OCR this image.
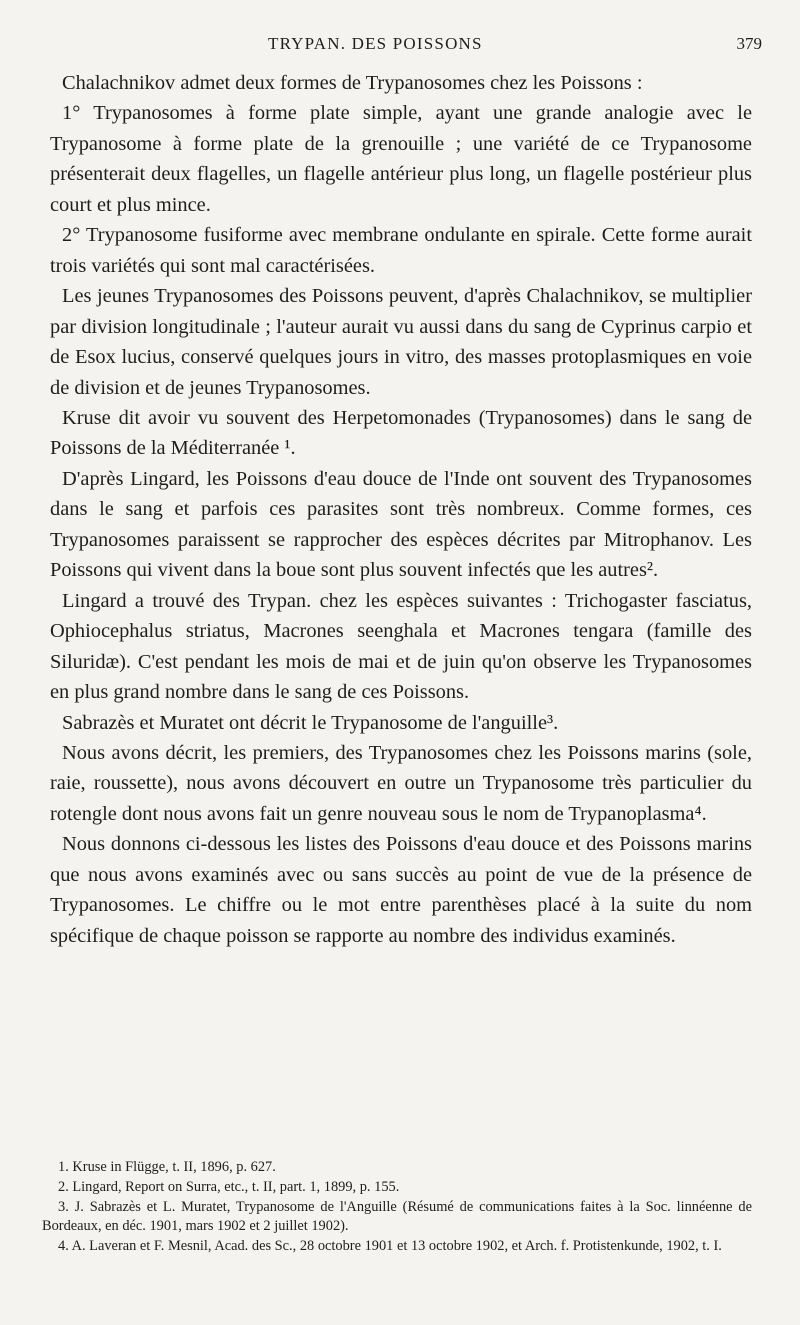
TRYPAN. DES POISSONS	379

Chalachnikov admet deux formes de Trypanosomes chez les Poissons :

1° Trypanosomes à forme plate simple, ayant une grande analogie avec le Trypanosome à forme plate de la grenouille ; une variété de ce Trypanosome présenterait deux flagelles, un flagelle antérieur plus long, un flagelle postérieur plus court et plus mince.

2° Trypanosome fusiforme avec membrane ondulante en spirale. Cette forme aurait trois variétés qui sont mal caractérisées.

Les jeunes Trypanosomes des Poissons peuvent, d'après Chalachnikov, se multiplier par division longitudinale ; l'auteur aurait vu aussi dans du sang de Cyprinus carpio et de Esox lucius, conservé quelques jours in vitro, des masses protoplasmiques en voie de division et de jeunes Trypanosomes.

Kruse dit avoir vu souvent des Herpetomonades (Trypanosomes) dans le sang de Poissons de la Méditerranée ¹.

D'après Lingard, les Poissons d'eau douce de l'Inde ont souvent des Trypanosomes dans le sang et parfois ces parasites sont très nombreux. Comme formes, ces Trypanosomes paraissent se rapprocher des espèces décrites par Mitrophanov. Les Poissons qui vivent dans la boue sont plus souvent infectés que les autres².

Lingard a trouvé des Trypan. chez les espèces suivantes : Trichogaster fasciatus, Ophiocephalus striatus, Macrones seenghala et Macrones tengara (famille des Siluridæ). C'est pendant les mois de mai et de juin qu'on observe les Trypanosomes en plus grand nombre dans le sang de ces Poissons.

Sabrazès et Muratet ont décrit le Trypanosome de l'anguille³.

Nous avons décrit, les premiers, des Trypanosomes chez les Poissons marins (sole, raie, roussette), nous avons découvert en outre un Trypanosome très particulier du rotengle dont nous avons fait un genre nouveau sous le nom de Trypanoplasma⁴.

Nous donnons ci-dessous les listes des Poissons d'eau douce et des Poissons marins que nous avons examinés avec ou sans succès au point de vue de la présence de Trypanosomes. Le chiffre ou le mot entre parenthèses placé à la suite du nom spécifique de chaque poisson se rapporte au nombre des individus examinés.

1. Kruse in Flügge, t. II, 1896, p. 627.

2. Lingard, Report on Surra, etc., t. II, part. 1, 1899, p. 155.

3. J. Sabrazès et L. Muratet, Trypanosome de l'Anguille (Résumé de communications faites à la Soc. linnéenne de Bordeaux, en déc. 1901, mars 1902 et 2 juillet 1902).

4. A. Laveran et F. Mesnil, Acad. des Sc., 28 octobre 1901 et 13 octobre 1902, et Arch. f. Protistenkunde, 1902, t. I.
